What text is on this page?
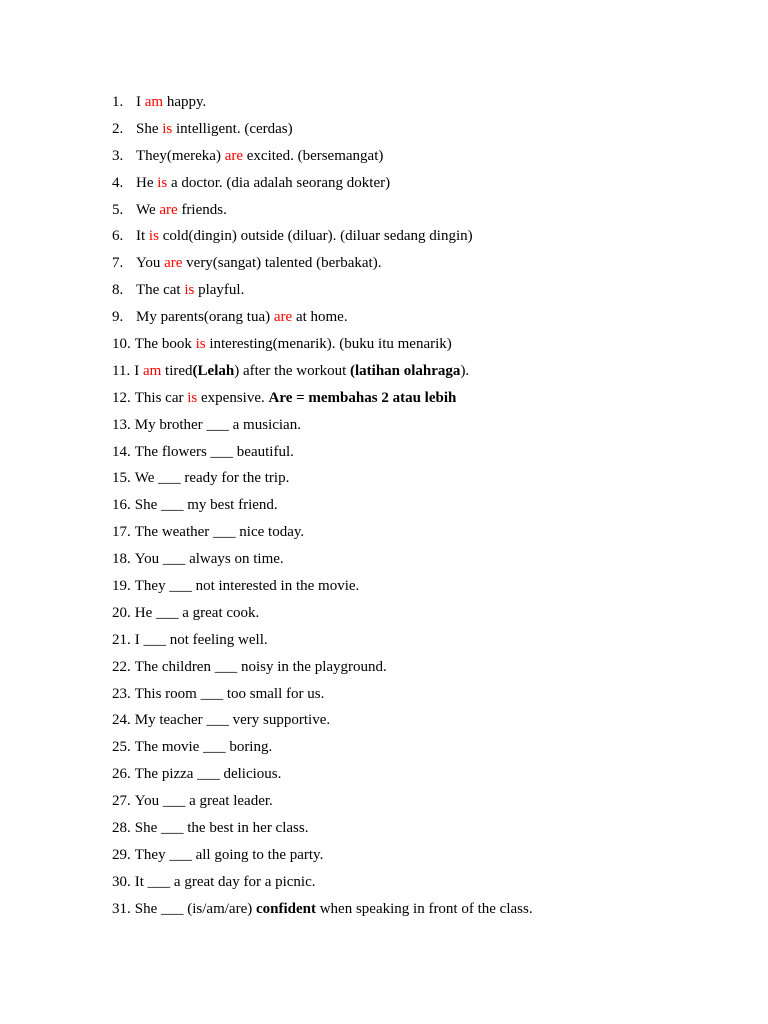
1. I am happy.
2. She is intelligent. (cerdas)
3. They(mereka) are excited. (bersemangat)
4. He is a doctor. (dia adalah seorang dokter)
5. We are friends.
6. It is cold(dingin) outside (diluar). (diluar sedang dingin)
7. You are very(sangat) talented (berbakat).
8. The cat is playful.
9. My parents(orang tua) are at home.
10. The book is interesting(menarik). (buku itu menarik)
11. I am tired(Lelah) after the workout (latihan olahraga).
12. This car is expensive. Are = membahas 2 atau lebih
13. My brother ___ a musician.
14. The flowers ___ beautiful.
15. We ___ ready for the trip.
16. She ___ my best friend.
17. The weather ___ nice today.
18. You ___ always on time.
19. They ___ not interested in the movie.
20. He ___ a great cook.
21. I ___ not feeling well.
22. The children ___ noisy in the playground.
23. This room ___ too small for us.
24. My teacher ___ very supportive.
25. The movie ___ boring.
26. The pizza ___ delicious.
27. You ___ a great leader.
28. She ___ the best in her class.
29. They ___ all going to the party.
30. It ___ a great day for a picnic.
31. She ___ (is/am/are) confident when speaking in front of the class.
